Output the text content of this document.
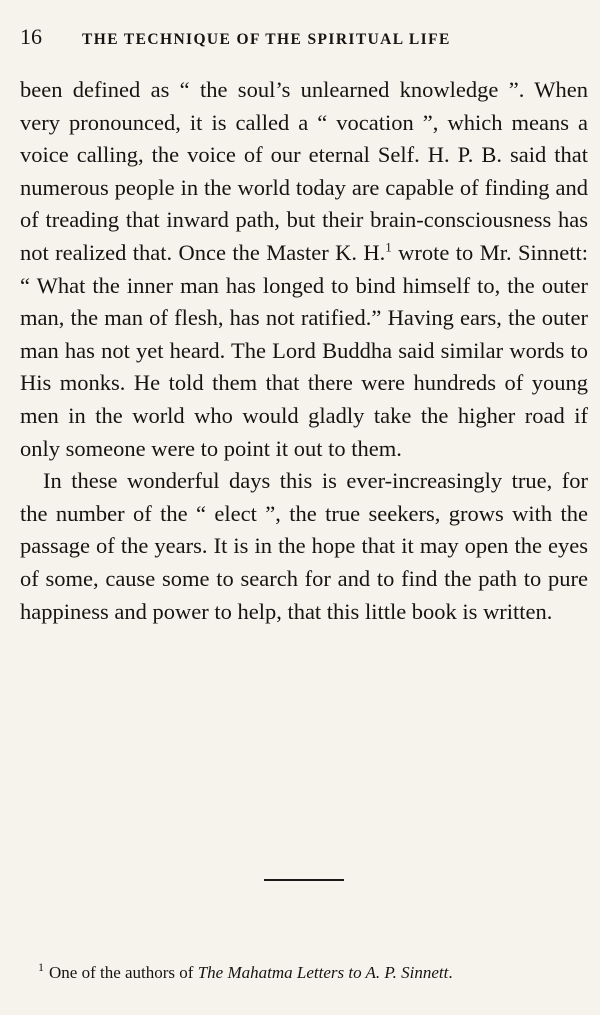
16	THE TECHNIQUE OF THE SPIRITUAL LIFE

been defined as “ the soul’s unlearned knowledge ”. When very pronounced, it is called a “ vocation ”, which means a voice calling, the voice of our eternal Self. H. P. B. said that numerous people in the world today are capable of finding and of treading that inward path, but their brain-consciousness has not realized that. Once the Master K. H.$^1$ wrote to Mr. Sinnett: “ What the inner man has longed to bind himself to, the outer man, the man of flesh, has not ratified.” Having ears, the outer man has not yet heard. The Lord Buddha said similar words to His monks. He told them that there were hundreds of young men in the world who would gladly take the higher road if only someone were to point it out to them.

In these wonderful days this is ever-increasingly true, for the number of the “ elect ”, the true seekers, grows with the passage of the years. It is in the hope that it may open the eyes of some, cause some to search for and to find the path to pure happiness and power to help, that this little book is written.

$^1$ One of the authors of The Mahatma Letters to A. P. Sinnett.
